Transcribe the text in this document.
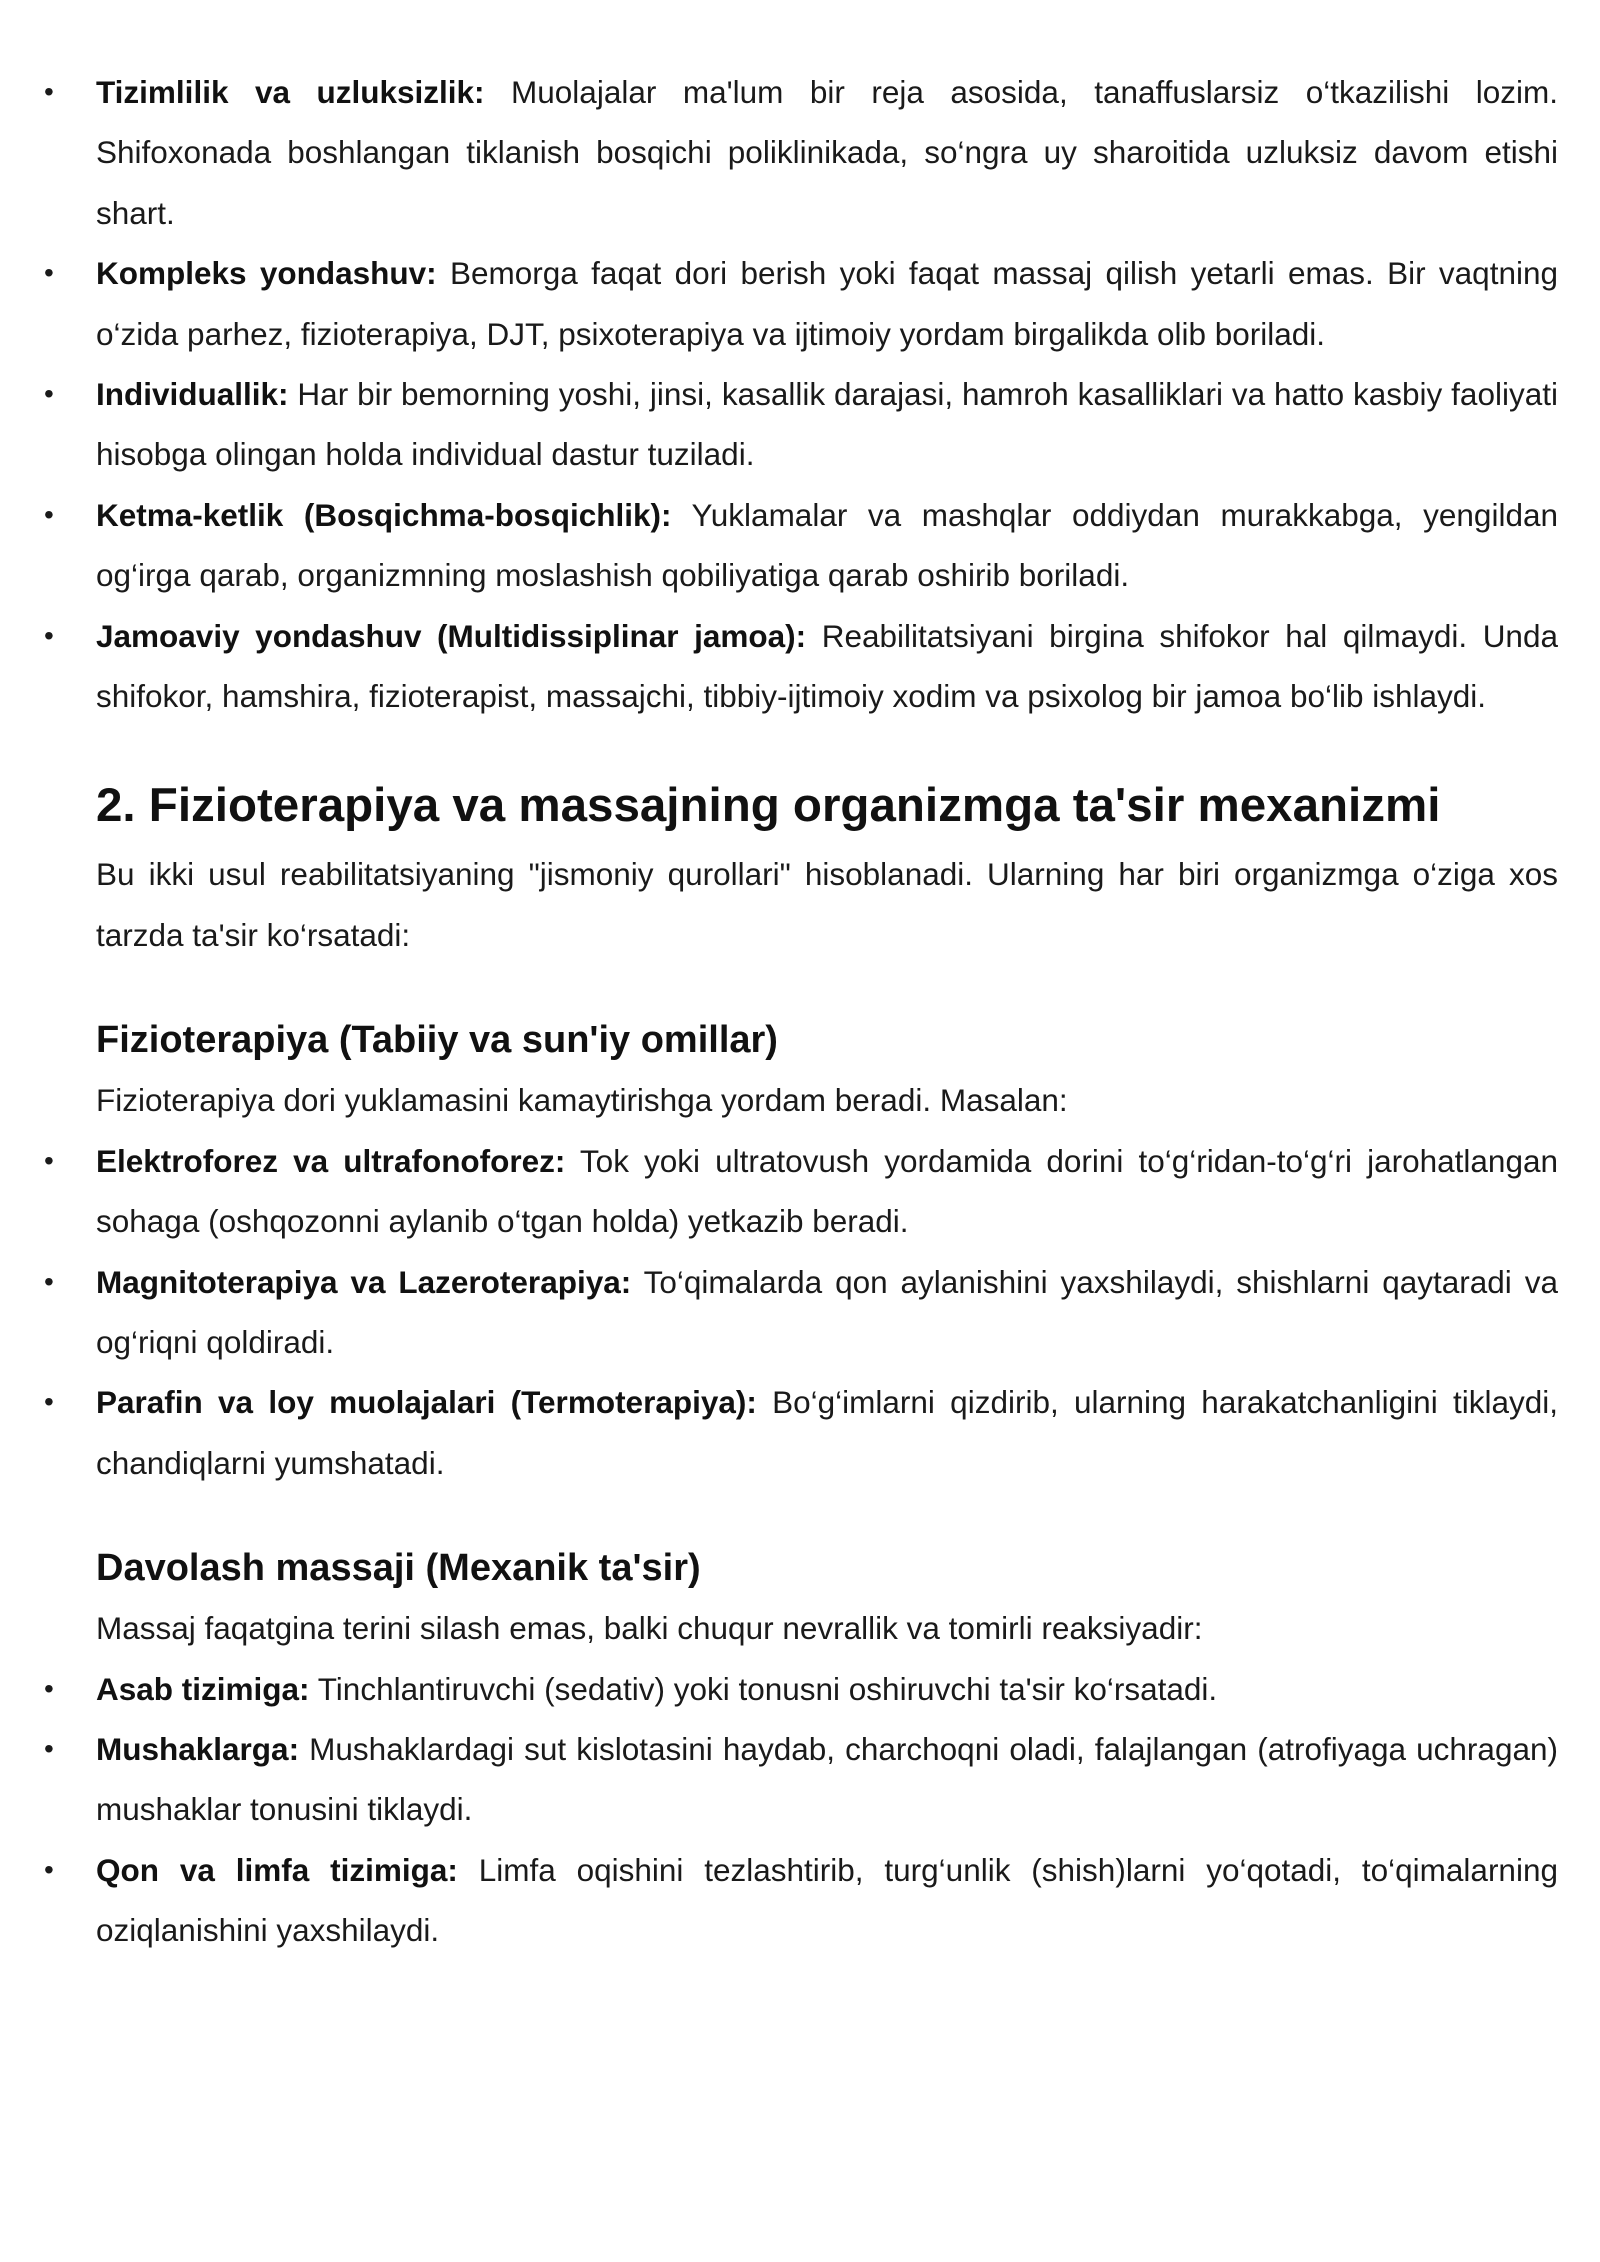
• Tizimlilik va uzluksizlik: Muolajalar ma'lum bir reja asosida, tanaffuslarsiz o‘tkazilishi lozim. Shifoxonada boshlangan tiklanish bosqichi poliklinikada, so‘ngra uy sharoitida uzluksiz davom etishi shart.
• Kompleks yondashuv: Bemorga faqat dori berish yoki faqat massaj qilish yetarli emas. Bir vaqtning o‘zida parhez, fizioterapiya, DJT, psixoterapiya va ijtimoiy yordam birgalikda olib boriladi.
• Individuallik: Har bir bemorning yoshi, jinsi, kasallik darajasi, hamroh kasalliklari va hatto kasbiy faoliyati hisobga olingan holda individual dastur tuziladi.
• Ketma-ketlik (Bosqichma-bosqichlik): Yuklamalar va mashqlar oddiydan murakkabga, yengildan og‘irga qarab, organizmning moslashish qobiliyatiga qarab oshirib boriladi.
• Jamoaviy yondashuv (Multidissiplinar jamoa): Reabilitatsiyani birgina shifokor hal qilmaydi. Unda shifokor, hamshira, fizioterapist, massajchi, tibbiy-ijtimoiy xodim va psixolog bir jamoa bo‘lib ishlaydi.
2. Fizioterapiya va massajning organizmga ta'sir mexanizmi

Bu ikki usul reabilitatsiyaning "jismoniy qurollari" hisoblanadi. Ularning har biri organizmga o‘ziga xos tarzda ta'sir ko‘rsatadi:

Fizioterapiya (Tabiiy va sun'iy omillar)

Fizioterapiya dori yuklamasini kamaytirishga yordam beradi. Masalan:

• Elektroforez va ultrafonoforez: Tok yoki ultratovush yordamida dorini to‘g‘ridan-to‘g‘ri jarohatlangan sohaga (oshqozonni aylanib o‘tgan holda) yetkazib beradi.
• Magnitoterapiya va Lazeroterapiya: To‘qimalarda qon aylanishini yaxshilaydi, shishlarni qaytaradi va og‘riqni qoldiradi.
• Parafin va loy muolajalari (Termoterapiya): Bo‘g‘imlarni qizdirib, ularning harakatchanligini tiklaydi, chandiqlarni yumshatadi.
Davolash massaji (Mexanik ta'sir)

Massaj faqatgina terini silash emas, balki chuqur nevrallik va tomirli reaksiyadir:

• Asab tizimiga: Tinchlantiruvchi (sedativ) yoki tonusni oshiruvchi ta'sir ko‘rsatadi.
• Mushaklarga: Mushaklardagi sut kislotasini haydab, charchoqni oladi, falajlangan (atrofiyaga uchragan) mushaklar tonusini tiklaydi.
• Qon va limfa tizimiga: Limfa oqishini tezlashtirib, turg‘unlik (shish)larni yo‘qotadi, to‘qimalarning oziqlanishini yaxshilaydi.
